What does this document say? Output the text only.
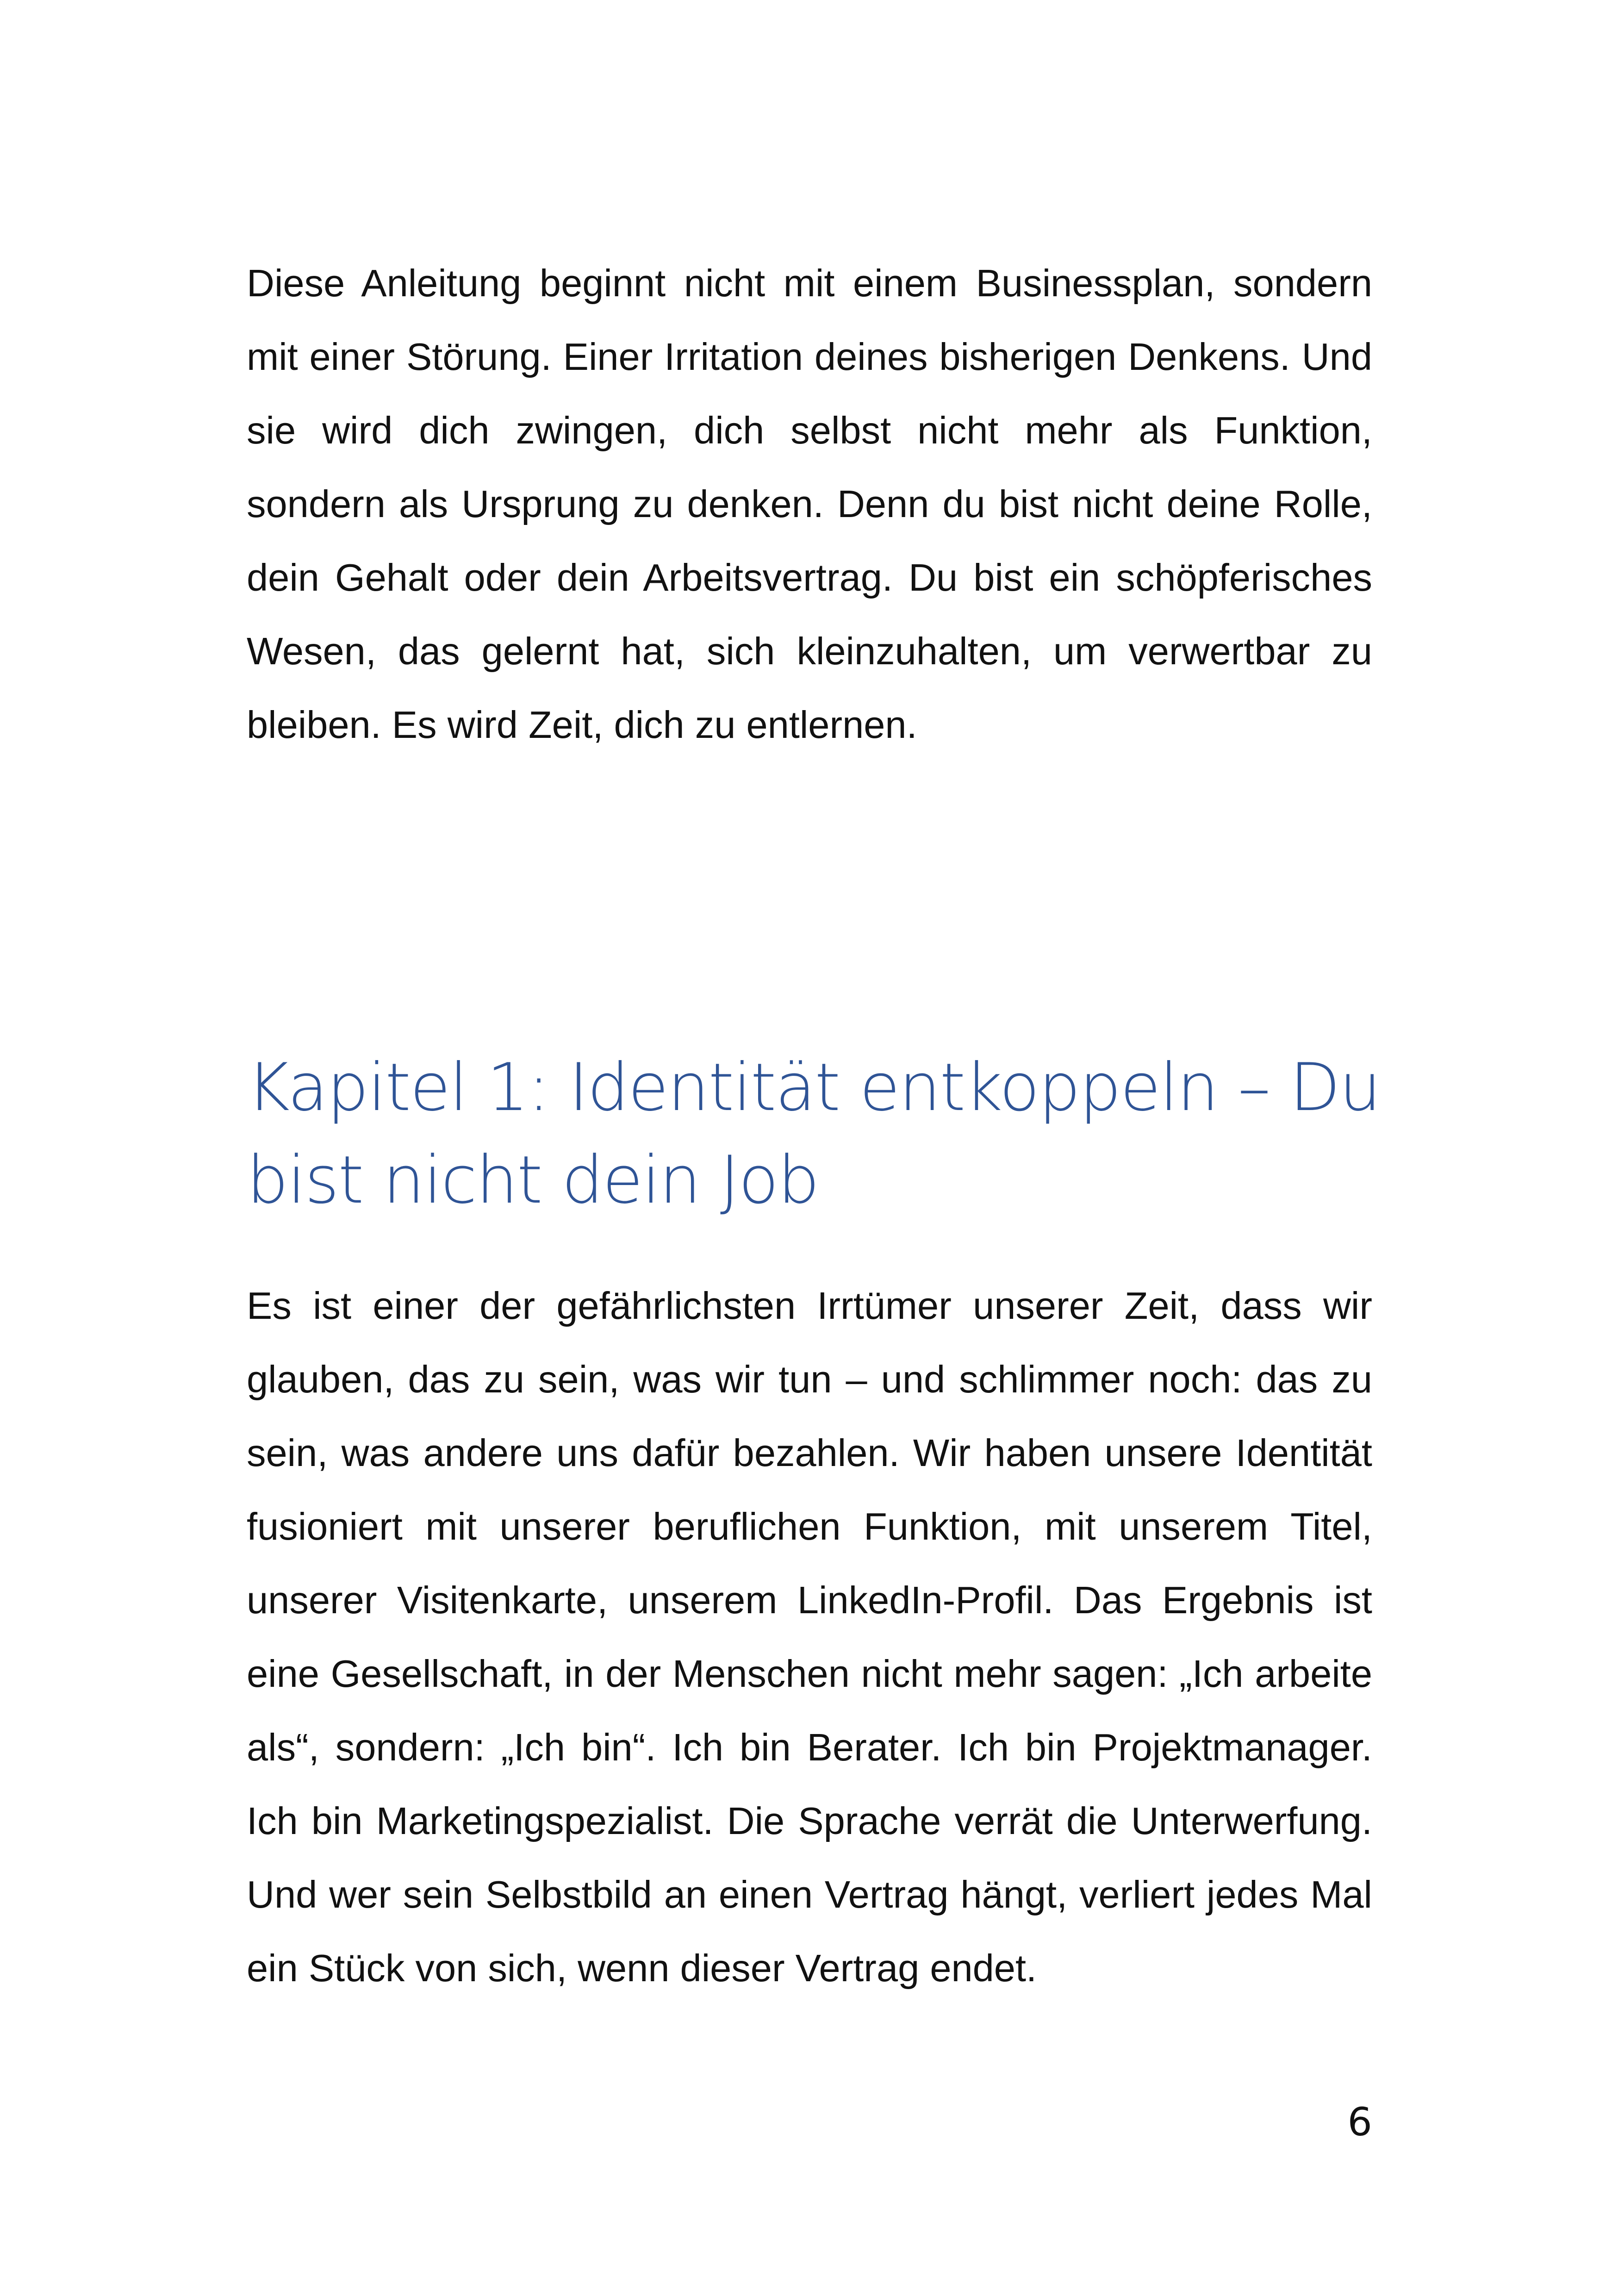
Diese Anleitung beginnt nicht mit einem Businessplan, sondern mit einer Störung. Einer Irritation deines bisherigen Denkens. Und sie wird dich zwingen, dich selbst nicht mehr als Funktion, sondern als Ursprung zu denken. Denn du bist nicht deine Rolle, dein Gehalt oder dein Arbeitsvertrag. Du bist ein schöpferisches Wesen, das gelernt hat, sich kleinzuhalten, um verwertbar zu bleiben. Es wird Zeit, dich zu entlernen.

Kapitel 1: Identität entkoppeln – Du bist nicht dein Job

Es ist einer der gefährlichsten Irrtümer unserer Zeit, dass wir glauben, das zu sein, was wir tun – und schlimmer noch: das zu sein, was andere uns dafür bezahlen. Wir haben unsere Identität fusioniert mit unserer beruflichen Funktion, mit unserem Titel, unserer Visitenkarte, unserem LinkedIn-Profil. Das Ergebnis ist eine Gesellschaft, in der Menschen nicht mehr sagen: „Ich arbeite als“, sondern: „Ich bin“. Ich bin Berater. Ich bin Projektmanager. Ich bin Marketingspezialist. Die Sprache verrät die Unterwerfung. Und wer sein Selbstbild an einen Vertrag hängt, verliert jedes Mal ein Stück von sich, wenn dieser Vertrag endet.

6
